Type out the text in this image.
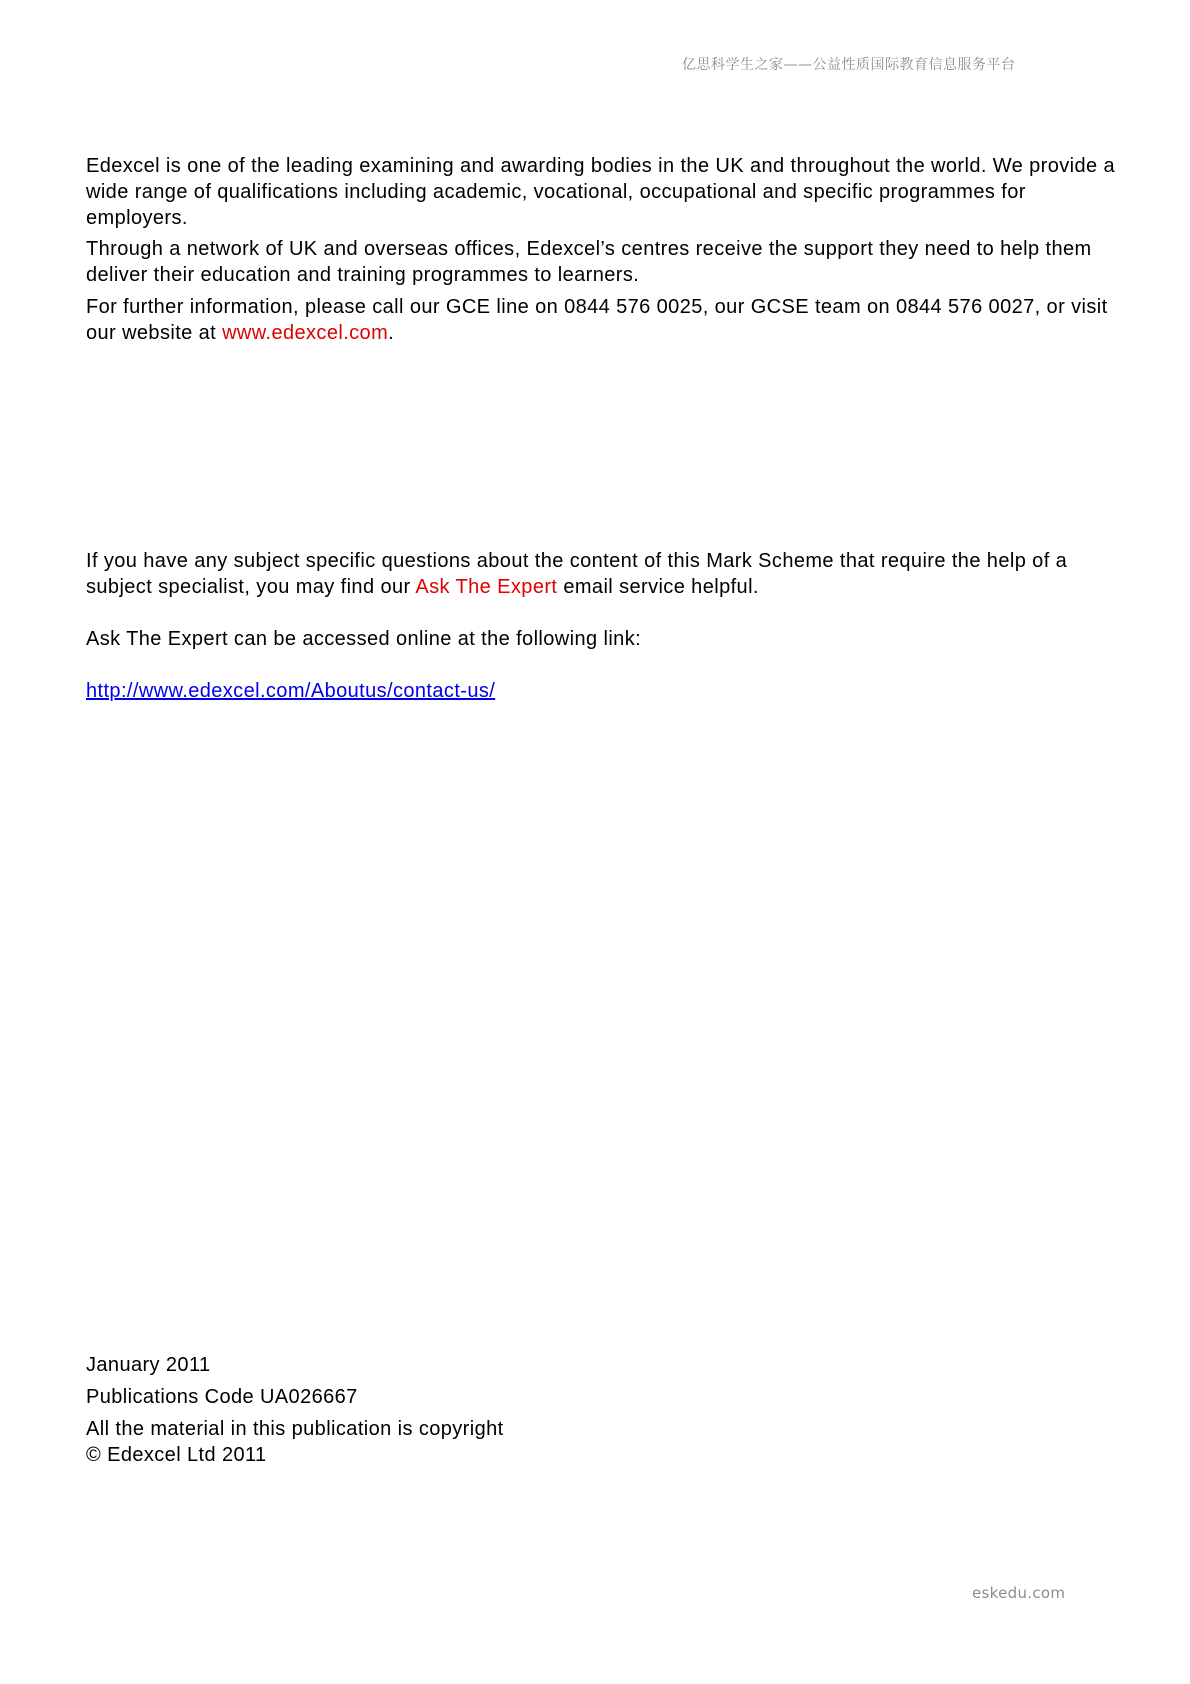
亿思科学生之家——公益性质国际教育信息服务平台

Edexcel is one of the leading examining and awarding bodies in the UK and throughout the world. We provide a wide range of qualifications including academic, vocational, occupational and specific programmes for employers.

Through a network of UK and overseas offices, Edexcel’s centres receive the support they need to help them deliver their education and training programmes to learners.

For further information, please call our GCE line on 0844 576 0025, our GCSE team on 0844 576 0027, or visit our website at www.edexcel.com.

If you have any subject specific questions about the content of this Mark Scheme that require the help of a subject specialist, you may find our Ask The Expert email service helpful.

Ask The Expert can be accessed online at the following link:

http://www.edexcel.com/Aboutus/contact-us/

January 2011

Publications Code UA026667

All the material in this publication is copyright

© Edexcel Ltd 2011

eskedu.com
